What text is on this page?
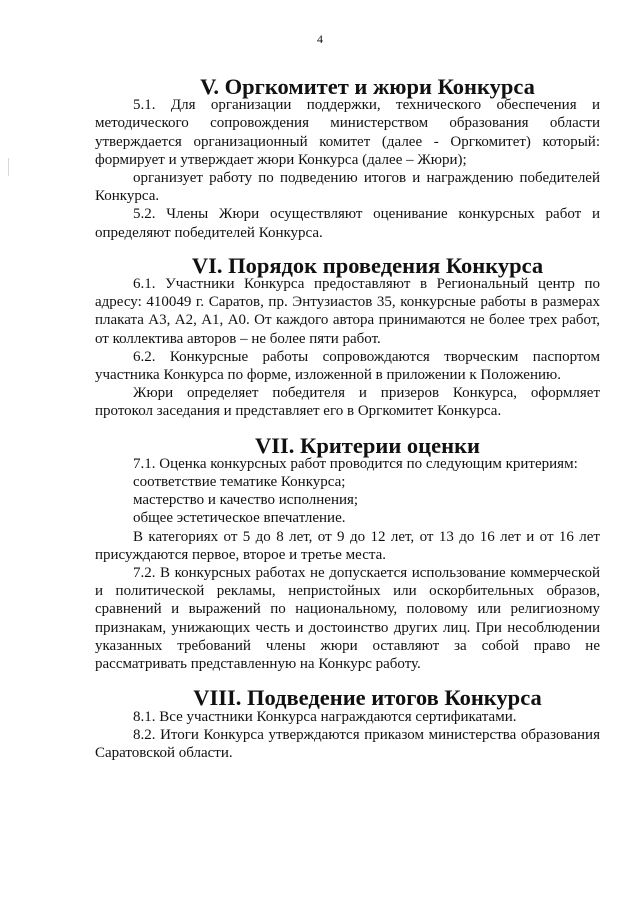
4
V. Оргкомитет и жюри Конкурса

5.1. Для организации поддержки, технического обеспечения и методического сопровождения министерством образования области утверждается организационный комитет (далее - Оргкомитет) который: формирует и утверждает жюри Конкурса (далее – Жюри);

организует работу по подведению итогов и награждению победителей Конкурса.

5.2. Члены Жюри осуществляют оценивание конкурсных работ и определяют победителей Конкурса.

VI. Порядок проведения Конкурса

6.1. Участники Конкурса предоставляют в Региональный центр по адресу: 410049 г. Саратов, пр. Энтузиастов 35, конкурсные работы в размерах плаката А3, А2, А1, А0. От каждого автора принимаются не более трех работ, от коллектива авторов – не более пяти работ.

6.2. Конкурсные работы сопровождаются творческим паспортом участника Конкурса по форме, изложенной в приложении к Положению.

Жюри определяет победителя и призеров Конкурса, оформляет протокол заседания и представляет его в Оргкомитет Конкурса.

VII. Критерии оценки

7.1. Оценка конкурсных работ проводится по следующим критериям:

соответствие тематике Конкурса;

мастерство и качество исполнения;

общее эстетическое впечатление.

В категориях от 5 до 8 лет, от 9 до 12 лет, от 13 до 16 лет и от 16 лет присуждаются первое, второе и третье места.

7.2. В конкурсных работах не допускается использование коммерческой и политической рекламы, непристойных или оскорбительных образов, сравнений и выражений по национальному, половому или религиозному признакам, унижающих честь и достоинство других лиц. При несоблюдении указанных требований члены жюри оставляют за собой право не рассматривать представленную на Конкурс работу.

VIII. Подведение итогов Конкурса

8.1. Все участники Конкурса награждаются сертификатами.

8.2. Итоги Конкурса утверждаются приказом министерства образования Саратовской области.
